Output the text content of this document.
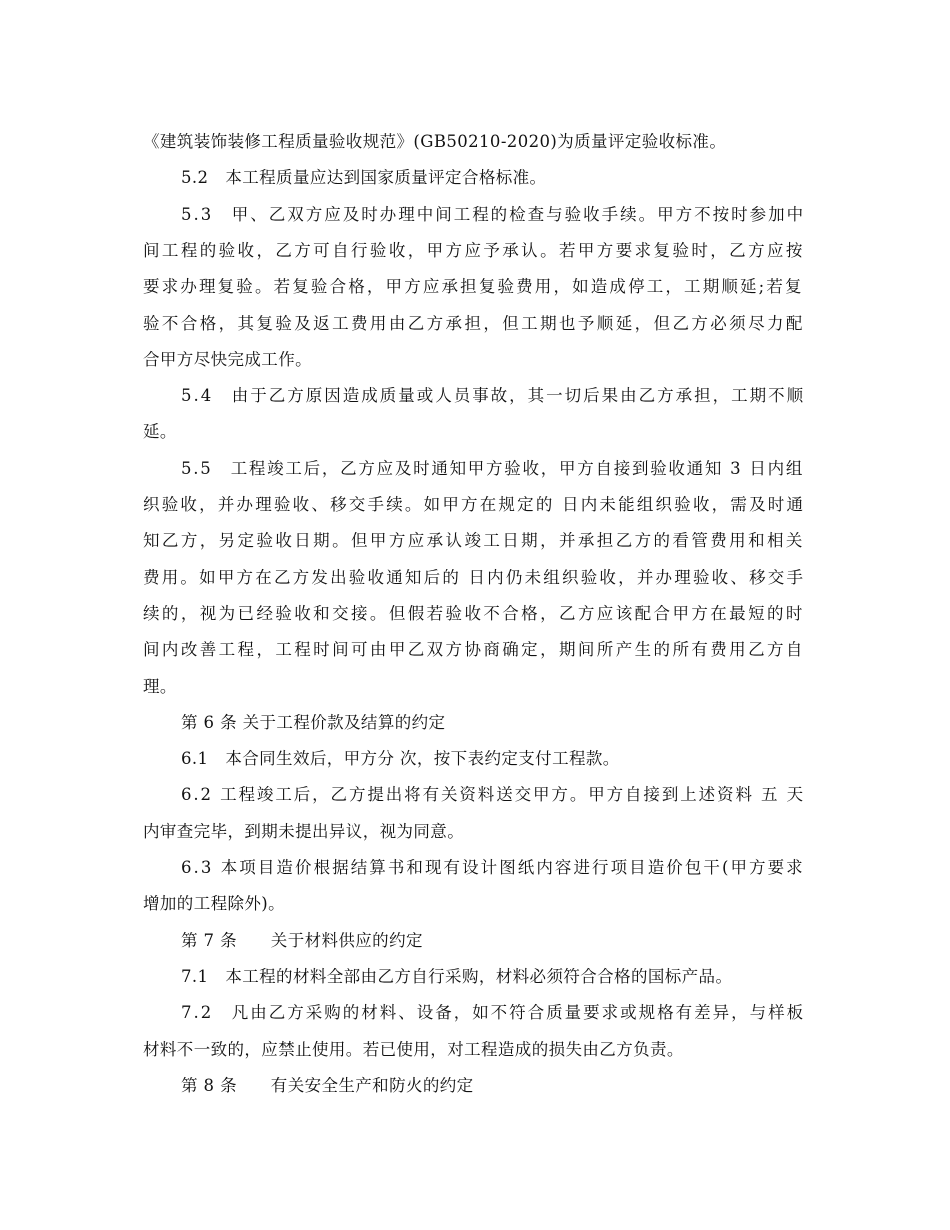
《建筑装饰装修工程质量验收规范》(GB50210-2020)为质量评定验收标准。

5.2　本工程质量应达到国家质量评定合格标准。

5.3　甲、乙双方应及时办理中间工程的检查与验收手续。甲方不按时参加中

间工程的验收，乙方可自行验收，甲方应予承认。若甲方要求复验时，乙方应按

要求办理复验。若复验合格，甲方应承担复验费用，如造成停工，工期顺延;若复

验不合格，其复验及返工费用由乙方承担，但工期也予顺延，但乙方必须尽力配

合甲方尽快完成工作。

5.4　由于乙方原因造成质量或人员事故，其一切后果由乙方承担，工期不顺

延。

5.5　工程竣工后，乙方应及时通知甲方验收，甲方自接到验收通知 3 日内组

织验收，并办理验收、移交手续。如甲方在规定的 日内未能组织验收，需及时通

知乙方，另定验收日期。但甲方应承认竣工日期，并承担乙方的看管费用和相关

费用。如甲方在乙方发出验收通知后的 日内仍未组织验收，并办理验收、移交手

续的，视为已经验收和交接。但假若验收不合格，乙方应该配合甲方在最短的时

间内改善工程，工程时间可由甲乙双方协商确定，期间所产生的所有费用乙方自

理。

第 6 条 关于工程价款及结算的约定

6.1　本合同生效后，甲方分 次，按下表约定支付工程款。

6.2 工程竣工后，乙方提出将有关资料送交甲方。甲方自接到上述资料 五 天

内审查完毕，到期未提出异议，视为同意。

6.3 本项目造价根据结算书和现有设计图纸内容进行项目造价包干(甲方要求

增加的工程除外)。

第 7 条　　关于材料供应的约定

7.1　本工程的材料全部由乙方自行采购，材料必须符合合格的国标产品。

7.2　凡由乙方采购的材料、设备，如不符合质量要求或规格有差异，与样板

材料不一致的，应禁止使用。若已使用，对工程造成的损失由乙方负责。

第 8 条　　有关安全生产和防火的约定
